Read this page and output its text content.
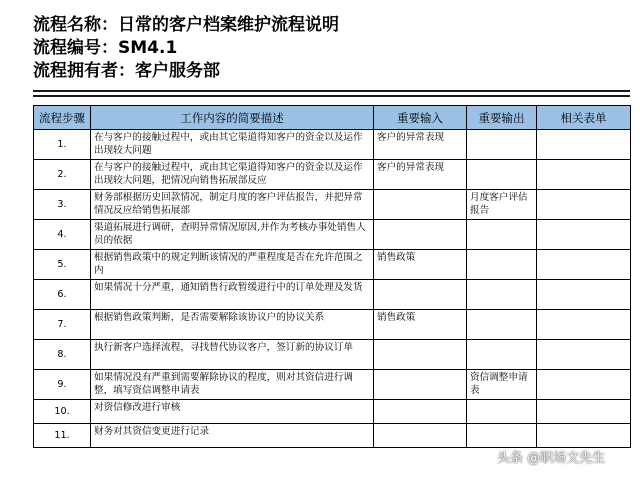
流程名称：日常的客户档案维护流程说明
流程编号：SM4.1
流程拥有者：客户服务部
流程步骤	工作内容的简要描述	重要输入	重要输出	相关表单
1.	在与客户的接触过程中，或由其它渠道得知客户的资金以及运作出现较大问题	客户的异常表现		
2.	在与客户的接触过程中，或由其它渠道得知客户的资金以及运作出现较大问题，把情况向销售拓展部反应	客户的异常表现		
3.	财务部根据历史回款情况，制定月度的客户评估报告，并把异常情况反应给销售拓展部		月度客户评估报告	
4.	渠道拓展进行调研，查明异常情况原因,并作为考核办事处销售人员的依据			
5.	根据销售政策中的规定判断该情况的严重程度是否在允许范围之内	销售政策		
6.	如果情况十分严重，通知销售行政暂缓进行中的订单处理及发货			
7.	根据销售政策判断，是否需要解除该协议户的协议关系	销售政策		
8.	执行新客户选择流程，寻找替代协议客户，签订新的协议订单			
9.	如果情况没有严重到需要解除协议的程度，则对其资信进行调整，填写资信调整申请表		资信调整申请表	
10.	对资信修改进行审核			
11.	财务对其资信变更进行记录			
头条 @职场文先生
